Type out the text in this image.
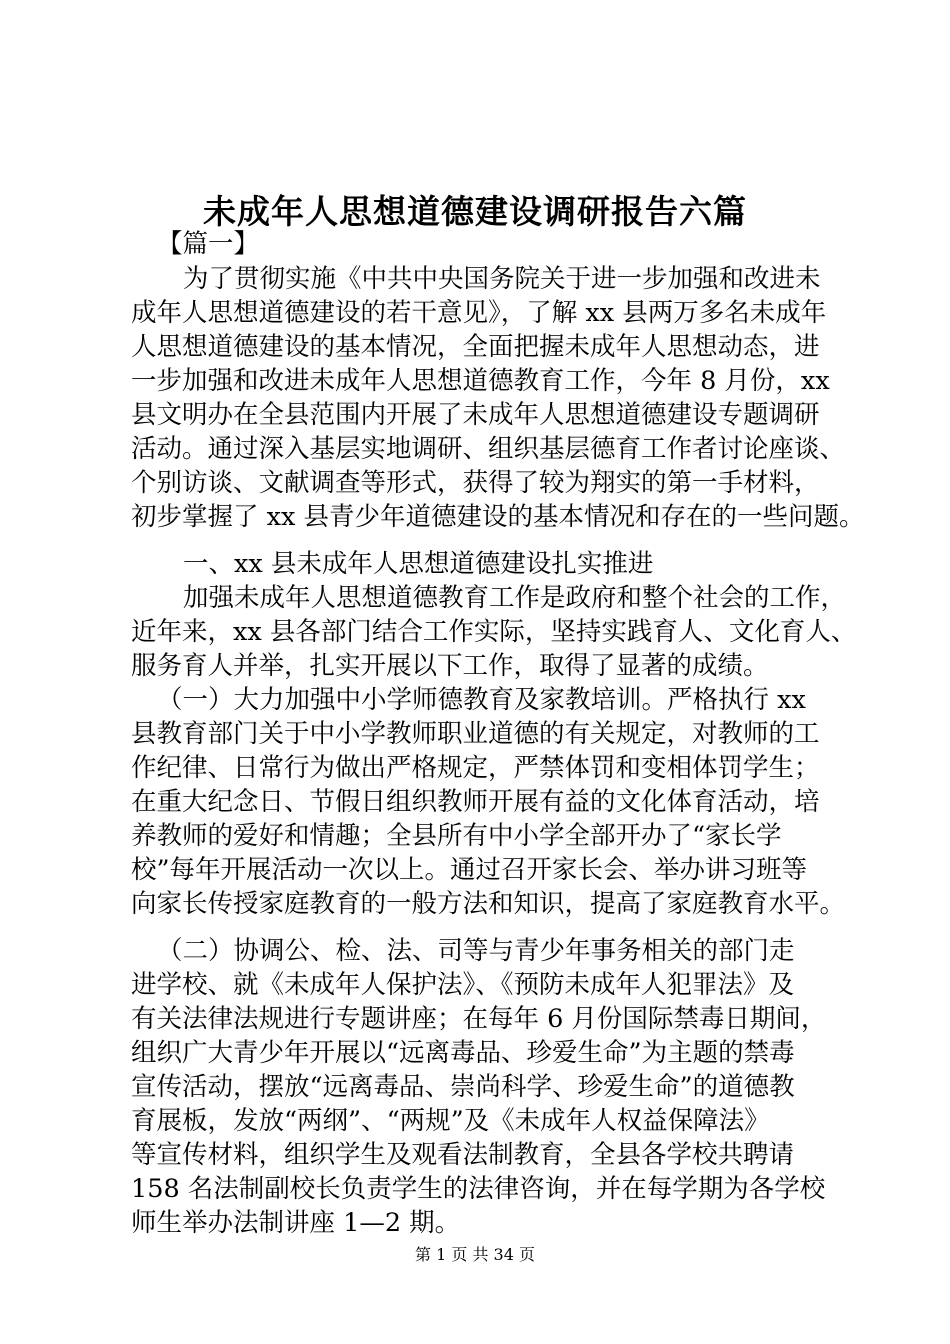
未成年人思想道德建设调研报告六篇
【篇一】
为了贯彻实施《中共中央国务院关于进一步加强和改进未
成年人思想道德建设的若干意见》，了解 xx 县两万多名未成年
人思想道德建设的基本情况，全面把握未成年人思想动态，进
一步加强和改进未成年人思想道德教育工作，今年 8 月份，xx
县文明办在全县范围内开展了未成年人思想道德建设专题调研
活动。通过深入基层实地调研、组织基层德育工作者讨论座谈、
个别访谈、文献调查等形式，获得了较为翔实的第一手材料，
初步掌握了 xx 县青少年道德建设的基本情况和存在的一些问题。
一、xx 县未成年人思想道德建设扎实推进
加强未成年人思想道德教育工作是政府和整个社会的工作，
近年来，xx 县各部门结合工作实际，坚持实践育人、文化育人、
服务育人并举，扎实开展以下工作，取得了显著的成绩。
（一）大力加强中小学师德教育及家教培训。严格执行 xx
县教育部门关于中小学教师职业道德的有关规定，对教师的工
作纪律、日常行为做出严格规定，严禁体罚和变相体罚学生；
在重大纪念日、节假日组织教师开展有益的文化体育活动，培
养教师的爱好和情趣；全县所有中小学全部开办了“家长学
校”每年开展活动一次以上。通过召开家长会、举办讲习班等
向家长传授家庭教育的一般方法和知识，提高了家庭教育水平。
（二）协调公、检、法、司等与青少年事务相关的部门走
进学校、就《未成年人保护法》、《预防未成年人犯罪法》及
有关法律法规进行专题讲座；在每年 6 月份国际禁毒日期间，
组织广大青少年开展以“远离毒品、珍爱生命”为主题的禁毒
宣传活动，摆放“远离毒品、崇尚科学、珍爱生命”的道德教
育展板，发放“两纲”、“两规”及《未成年人权益保障法》
等宣传材料，组织学生及观看法制教育，全县各学校共聘请
158 名法制副校长负责学生的法律咨询，并在每学期为各学校
师生举办法制讲座 1—2 期。
第 1 页 共 34 页
